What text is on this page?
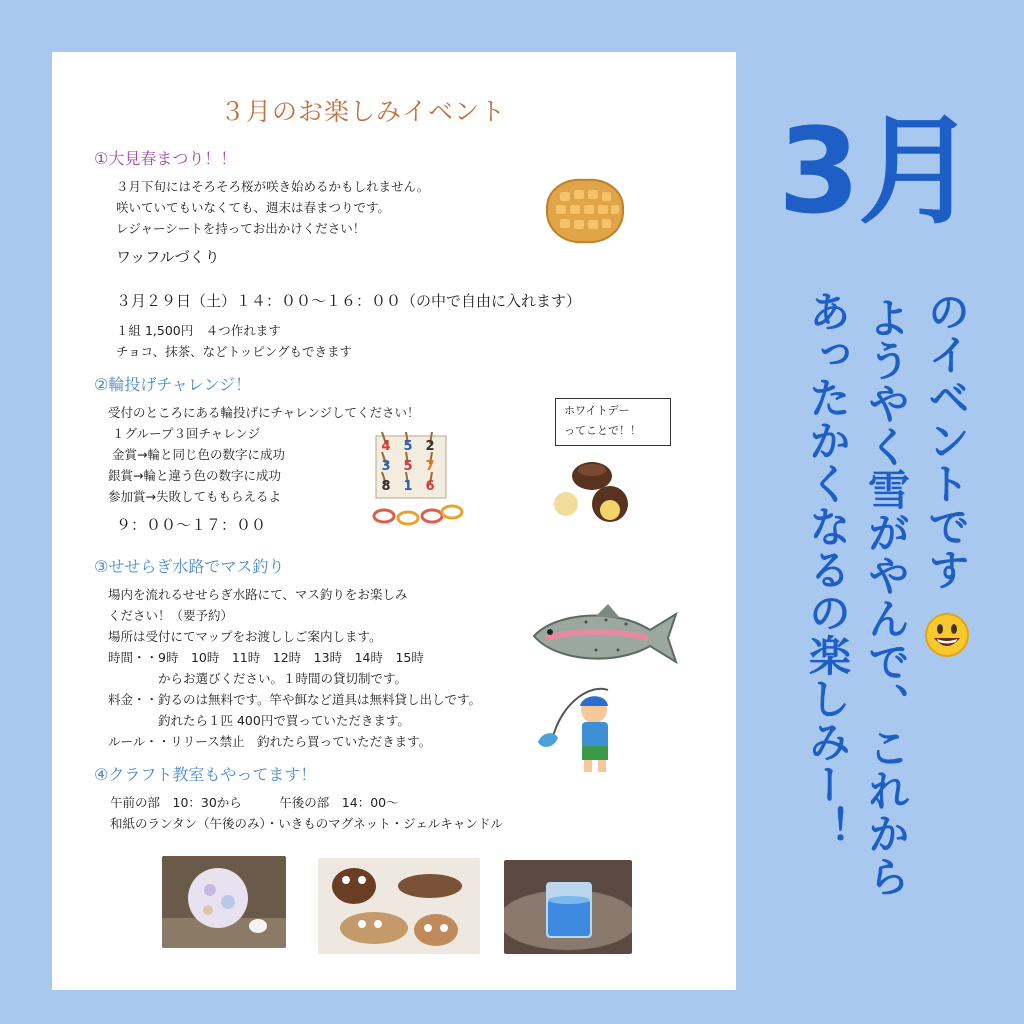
３月のお楽しみイベント
①大見春まつり！！
３月下旬にはそろそろ桜が咲き始めるかもしれません。
咲いていてもいなくても、週末は春まつりです。
レジャーシートを持ってお出かけください！
ワッフルづくり
３月２９日（土）１４：００～１６：００（の中で自由に入れます）
１組 1,500円　４つ作れます
チョコ、抹茶、などトッピングもできます
②輪投げチャレンジ！
受付のところにある輪投げにチャレンジしてください！
１グループ３回チャレンジ
金賞→輪と同じ色の数字に成功
銀賞→輪と違う色の数字に成功
参加賞→失敗してももらえるよ
９：００～１７：００
4 5 2
3 5 7
8 1 6
ホワイトデー
ってことで！！
③せせらぎ水路でマス釣り
場内を流れるせせらぎ水路にて、マス釣りをお楽しみ
ください！（要予約）
場所は受付にてマップをお渡ししご案内します。
時間・・9時　10時　11時　12時　13時　14時　15時
　　　　からお選びください。１時間の貸切制です。
料金・・釣るのは無料です。竿や餌など道具は無料貸し出しです。
　　　　釣れたら１匹 400円で買っていただきます。
ルール・・リリース禁止　釣れたら買っていただきます。
④クラフト教室もやってます！
午前の部　10：30から　　　午後の部　14：00～
和紙のランタン（午後のみ）・いきものマグネット・ジェルキャンドル
3月
のイベントです
ようやく雪がやんで、これから
あったかくなるの楽しみー！
